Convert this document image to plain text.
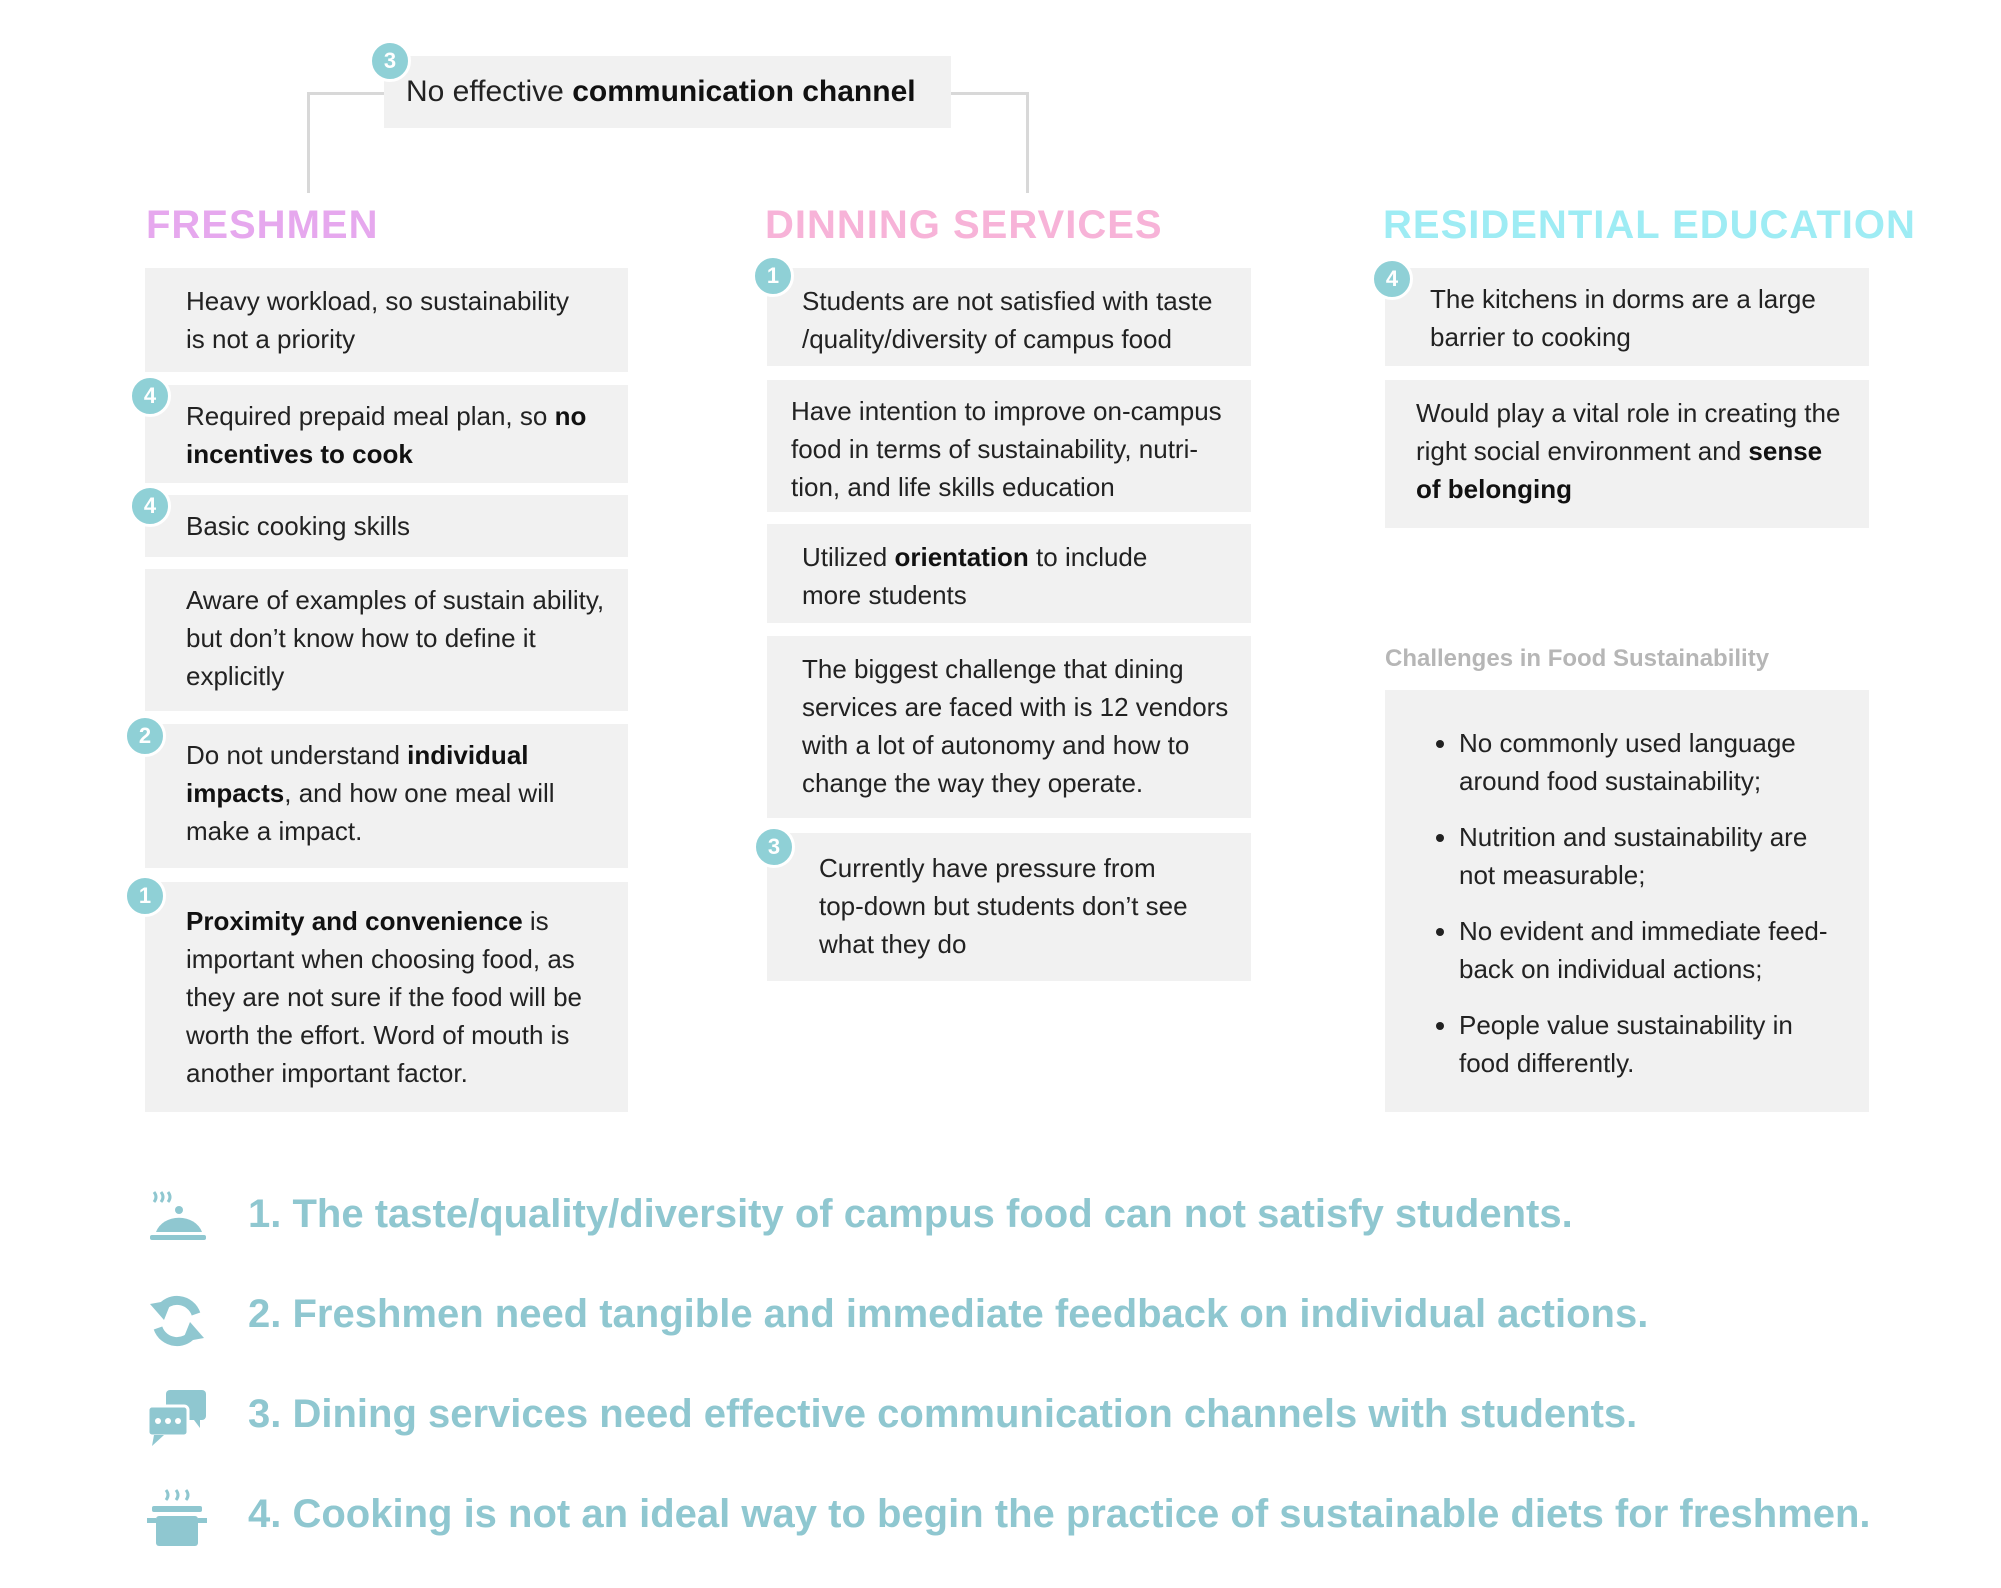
No effective communication channel
3
FRESHMEN	DINNING SERVICES	RESIDENTIAL EDUCATION
Heavy workload, so sustainability
is not a priority
Required prepaid meal plan, so no
incentives to cook
4
Basic cooking skills
4
Aware of examples of sustain ability,
but don’t know how to define it
explicitly
Do not understand individual
impacts, and how one meal will
make a impact.
2
Proximity and convenience is
important when choosing food, as
they are not sure if the food will be
worth the effort. Word of mouth is
another important factor.
1
Students are not satisfied with taste
/quality/diversity of campus food
1
Have intention to improve on-campus
food in terms of sustainability, nutri-
tion, and life skills education
Utilized orientation to include
more students
The biggest challenge that dining
services are faced with is 12 vendors
with a lot of autonomy and how to
change the way they operate.
Currently have pressure from
top-down but students don’t see
what they do
3
The kitchens in dorms are a large
barrier to cooking
4
Would play a vital role in creating the
right social environment and sense
of belonging
Challenges in Food Sustainability
• No commonly used language
around food sustainability;
• Nutrition and sustainability are
not measurable;
• No evident and immediate feed-
back on individual actions;
• People value sustainability in
food differently.
1. The taste/quality/diversity of campus food can not satisfy students.
2. Freshmen need tangible and immediate feedback on individual actions.
3. Dining services need effective communication channels with students.
4. Cooking is not an ideal way to begin the practice of sustainable diets for freshmen.
